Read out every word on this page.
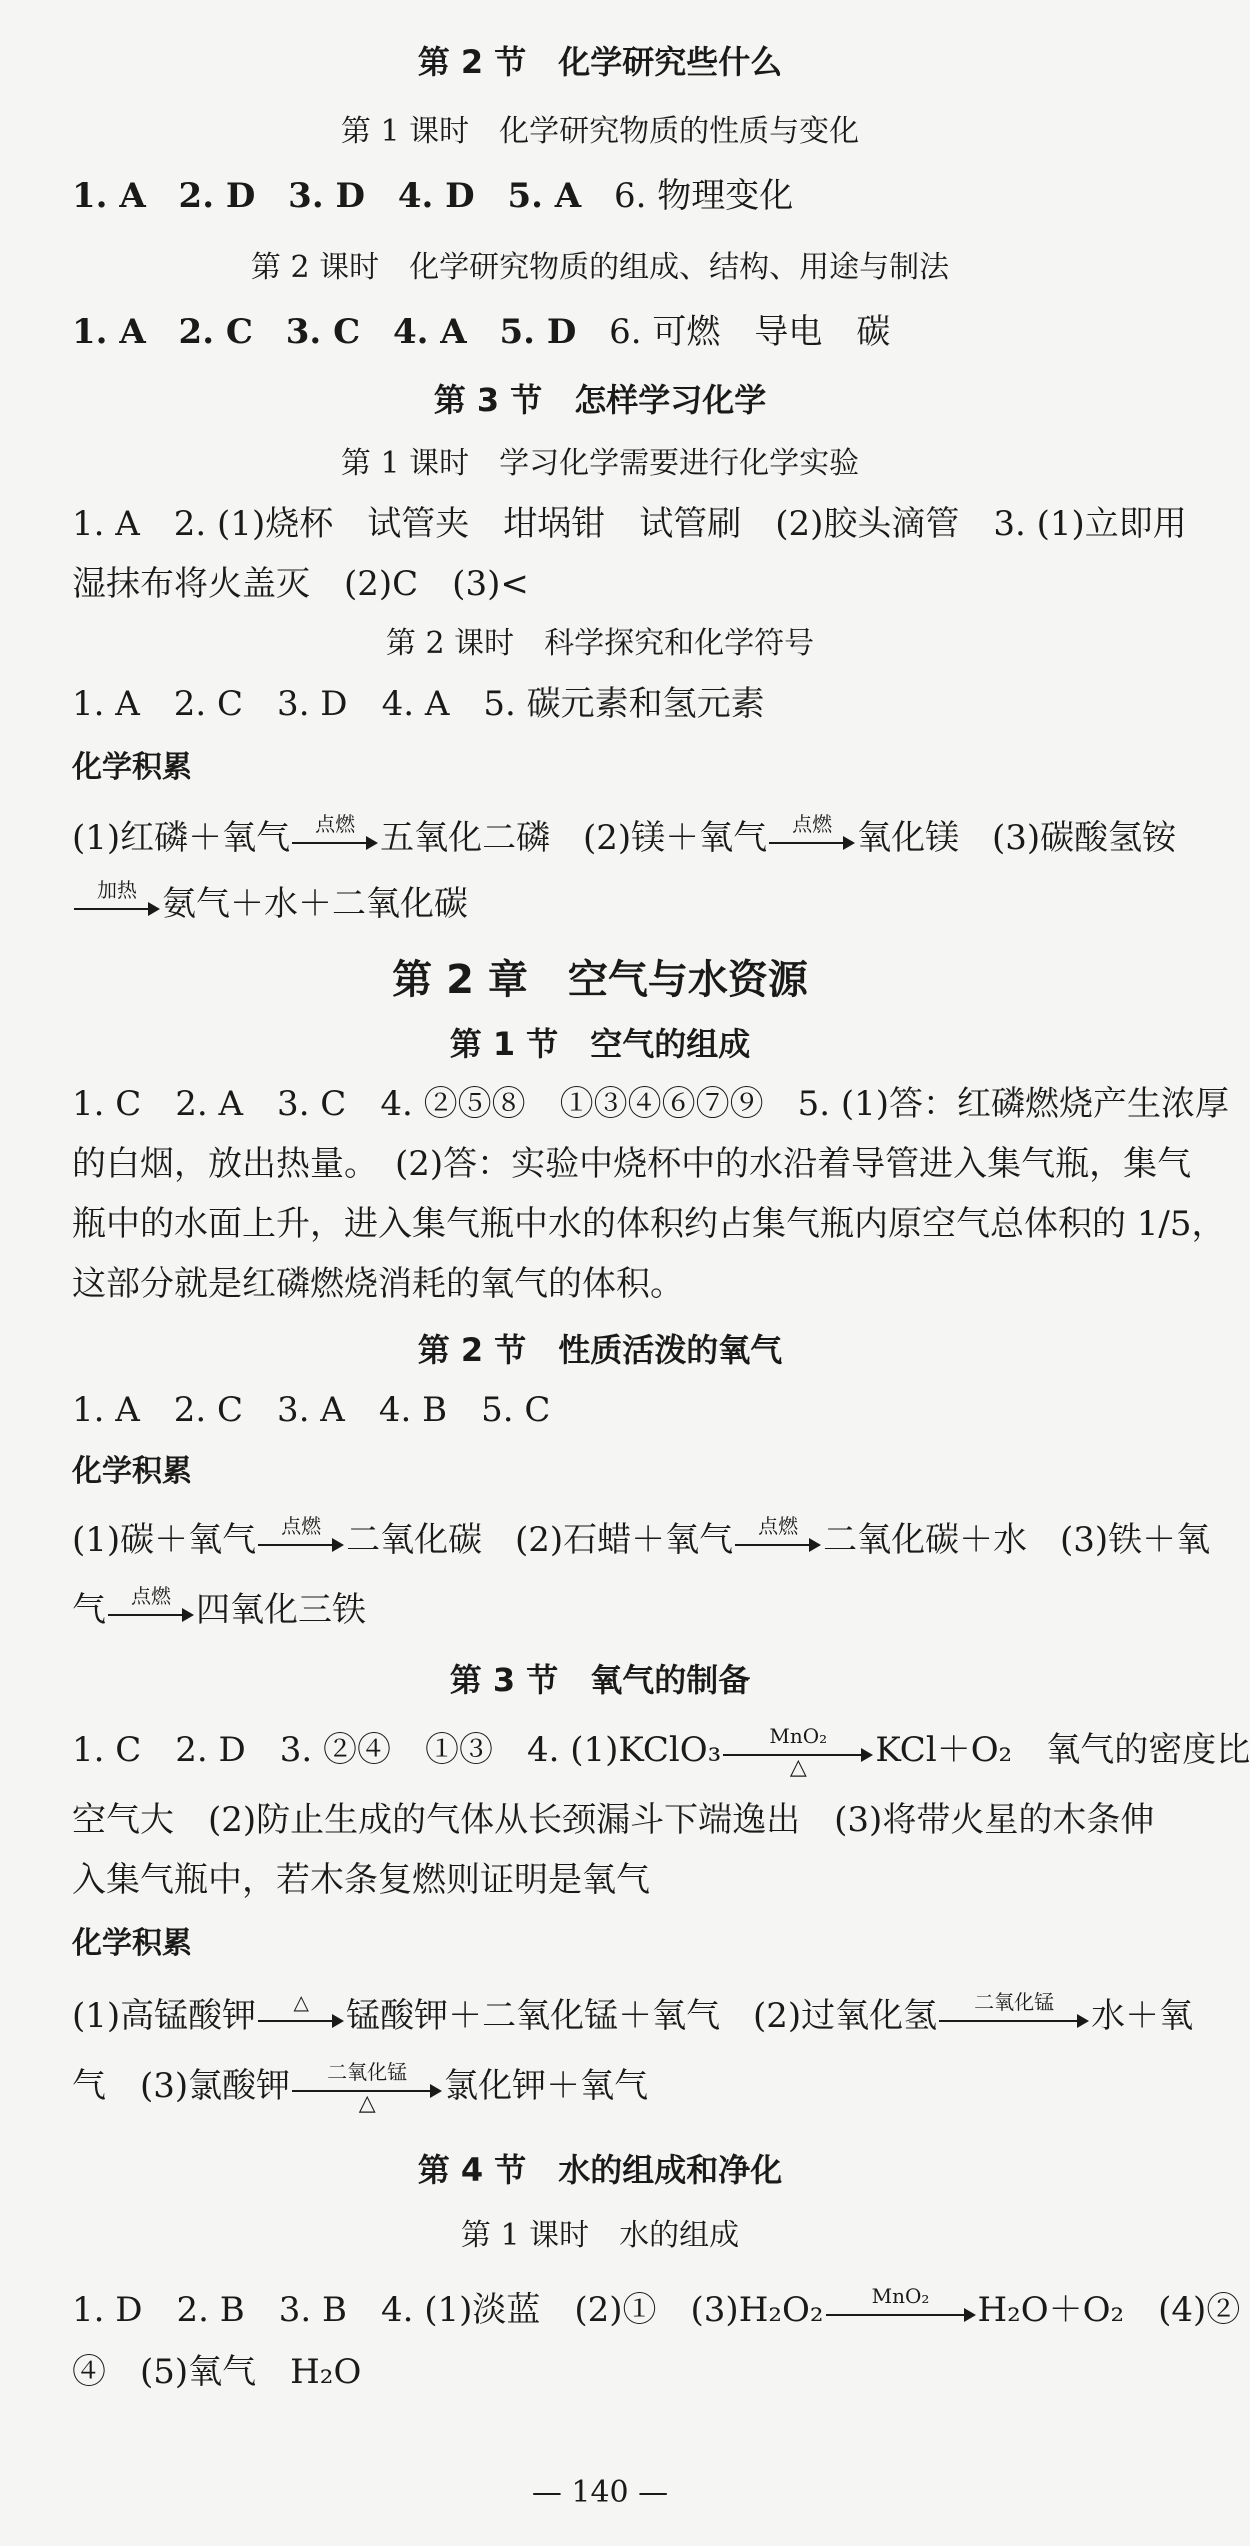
第 2 节　化学研究些什么
第 1 课时　化学研究物质的性质与变化
1. A 2. D 3. D 4. D 5. A 6. 物理变化
第 2 课时　化学研究物质的组成、结构、用途与制法
1. A 2. C 3. C 4. A 5. D 6. 可燃　导电　碳
第 3 节　怎样学习化学
第 1 课时　学习化学需要进行化学实验
1. A　2. (1)烧杯　试管夹　坩埚钳　试管刷　(2)胶头滴管　3. (1)立即用
湿抹布将火盖灭　(2)C　(3)<
第 2 课时　科学探究和化学符号
1. A　2. C　3. D　4. A　5. 碳元素和氢元素
化学积累
(1)红磷＋氧气	点燃 五氧化二磷 (2)镁＋氧气	点燃 氧化镁 (3)碳酸氢铵
加热 氨气＋水＋二氧化碳
第 2 章　空气与水资源
第 1 节　空气的组成
1. C　2. A　3. C　4. ②⑤⑧　①③④⑥⑦⑨　5. (1)答：红磷燃烧产生浓厚
的白烟，放出热量。　(2)答：实验中烧杯中的水沿着导管进入集气瓶，集气
瓶中的水面上升，进入集气瓶中水的体积约占集气瓶内原空气总体积的 1/5，
这部分就是红磷燃烧消耗的氧气的体积。
第 2 节　性质活泼的氧气
1. A　2. C　3. A　4. B　5. C
化学积累
(1)碳＋氧气	点燃 二氧化碳 (2)石蜡＋氧气	点燃 二氧化碳＋水 (3)铁＋氧
气	点燃 四氧化三铁
第 3 节　氧气的制备
1. C　2. D　3. ②④　①③　4. (1)KClO₃	MnO₂
△	KCl＋O₂　氧气的密度比
空气大　(2)防止生成的气体从长颈漏斗下端逸出　(3)将带火星的木条伸
入集气瓶中，若木条复燃则证明是氧气
化学积累
(1)高锰酸钾	△	锰酸钾＋二氧化锰＋氧气 (2)过氧化氢	二氧化锰	水＋氧
气　(3)氯酸钾	二氧化锰
△	氯化钾＋氧气
第 4 节　水的组成和净化
第 1 课时　水的组成
1. D　2. B　3. B　4. (1)淡蓝　(2)①　(3)H₂O₂	MnO₂	H₂O＋O₂　(4)②
④　(5)氧气　H₂O
— 140 —
